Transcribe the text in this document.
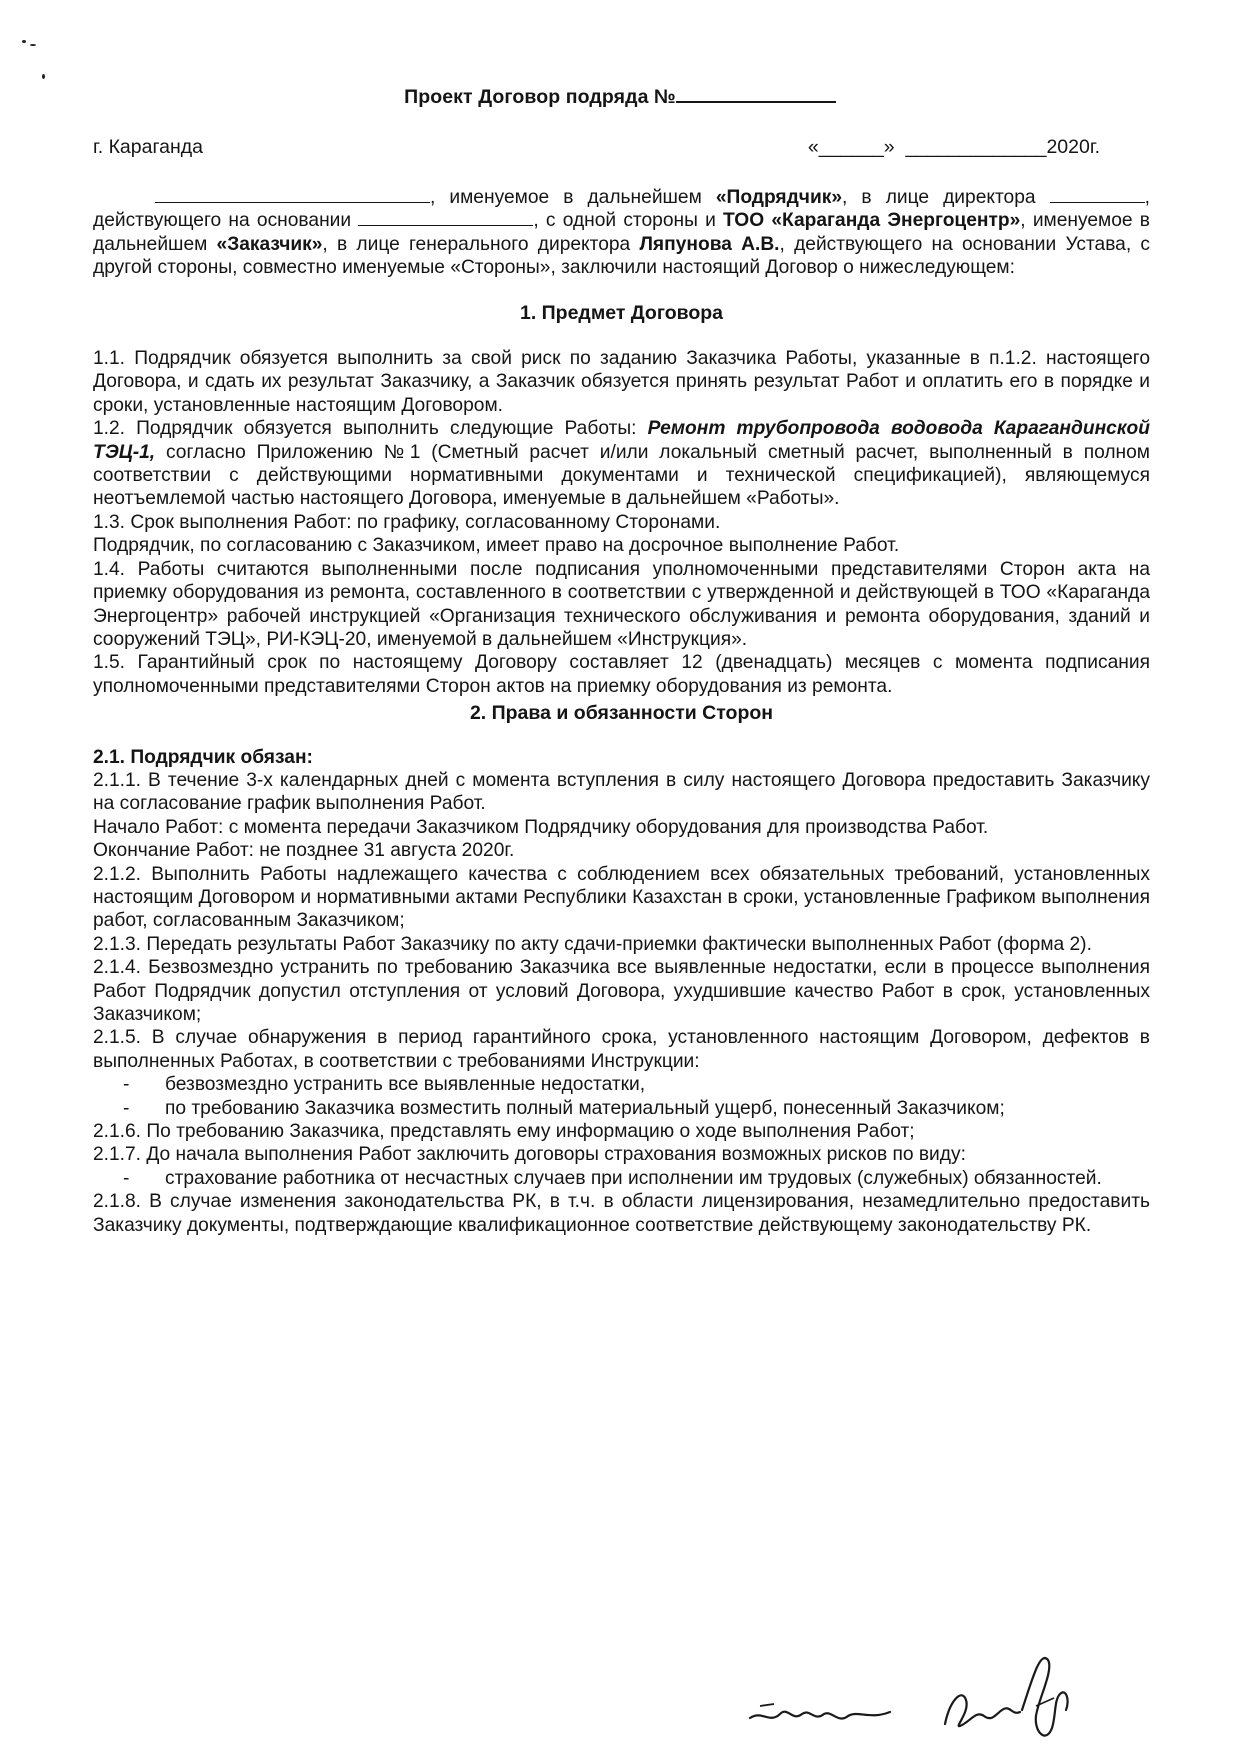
Проект Договор подряда №
г. Караганда	«______»  _____________2020г.

, именуемое в дальнейшем «Подрядчик», в лице директора	, действующего на основании	, с одной стороны и ТОО «Караганда Энергоцентр», именуемое в дальнейшем «Заказчик», в лице генерального директора Ляпунова А.В., действующего на основании Устава, с другой стороны, совместно именуемые «Стороны», заключили настоящий Договор о нижеследующем:

1. Предмет Договора

1.1. Подрядчик обязуется выполнить за свой риск по заданию Заказчика Работы, указанные в п.1.2. настоящего Договора, и сдать их результат Заказчику, а Заказчик обязуется принять результат Работ и оплатить его в порядке и сроки, установленные настоящим Договором.

1.2. Подрядчик обязуется выполнить следующие Работы: Ремонт трубопровода водовода Карагандинской ТЭЦ-1, согласно Приложению №1 (Сметный расчет и/или локальный сметный расчет, выполненный в полном соответствии с действующими нормативными документами и технической спецификацией), являющемуся неотъемлемой частью настоящего Договора, именуемые в дальнейшем «Работы».

1.3. Срок выполнения Работ: по графику, согласованному Сторонами.

Подрядчик, по согласованию с Заказчиком, имеет право на досрочное выполнение Работ.

1.4. Работы считаются выполненными после подписания уполномоченными представителями Сторон акта на приемку оборудования из ремонта, составленного в соответствии с утвержденной и действующей в ТОО «Караганда Энергоцентр» рабочей инструкцией «Организация технического обслуживания и ремонта оборудования, зданий и сооружений ТЭЦ», РИ-КЭЦ-20, именуемой в дальнейшем «Инструкция».

1.5. Гарантийный срок по настоящему Договору составляет 12 (двенадцать) месяцев с момента подписания уполномоченными представителями Сторон актов на приемку оборудования из ремонта.

2. Права и обязанности Сторон

2.1. Подрядчик обязан:

2.1.1. В течение 3-х календарных дней с момента вступления в силу настоящего Договора предоставить Заказчику на согласование график выполнения Работ.

Начало Работ: с момента передачи Заказчиком Подрядчику оборудования для производства Работ.

Окончание Работ: не позднее 31 августа 2020г.

2.1.2. Выполнить Работы надлежащего качества с соблюдением всех обязательных требований, установленных настоящим Договором и нормативными актами Республики Казахстан в сроки, установленные Графиком выполнения работ, согласованным Заказчиком;

2.1.3. Передать результаты Работ Заказчику по акту сдачи-приемки фактически выполненных Работ (форма 2).

2.1.4. Безвозмездно устранить по требованию Заказчика все выявленные недостатки, если в процессе выполнения Работ Подрядчик допустил отступления от условий Договора, ухудшившие качество Работ в срок, установленных Заказчиком;

2.1.5. В случае обнаружения в период гарантийного срока, установленного настоящим Договором, дефектов в выполненных Работах, в соответствии с требованиями Инструкции:

- безвозмездно устранить все выявленные недостатки,

- по требованию Заказчика возместить полный материальный ущерб, понесенный Заказчиком;

2.1.6. По требованию Заказчика, представлять ему информацию о ходе выполнения Работ;

2.1.7. До начала выполнения Работ заключить договоры страхования возможных рисков по виду:

- страхование работника от несчастных случаев при исполнении им трудовых (служебных) обязанностей.

2.1.8. В случае изменения законодательства РК, в т.ч. в области лицензирования, незамедлительно предоставить Заказчику документы, подтверждающие квалификационное соответствие действующему законодательству РК.
